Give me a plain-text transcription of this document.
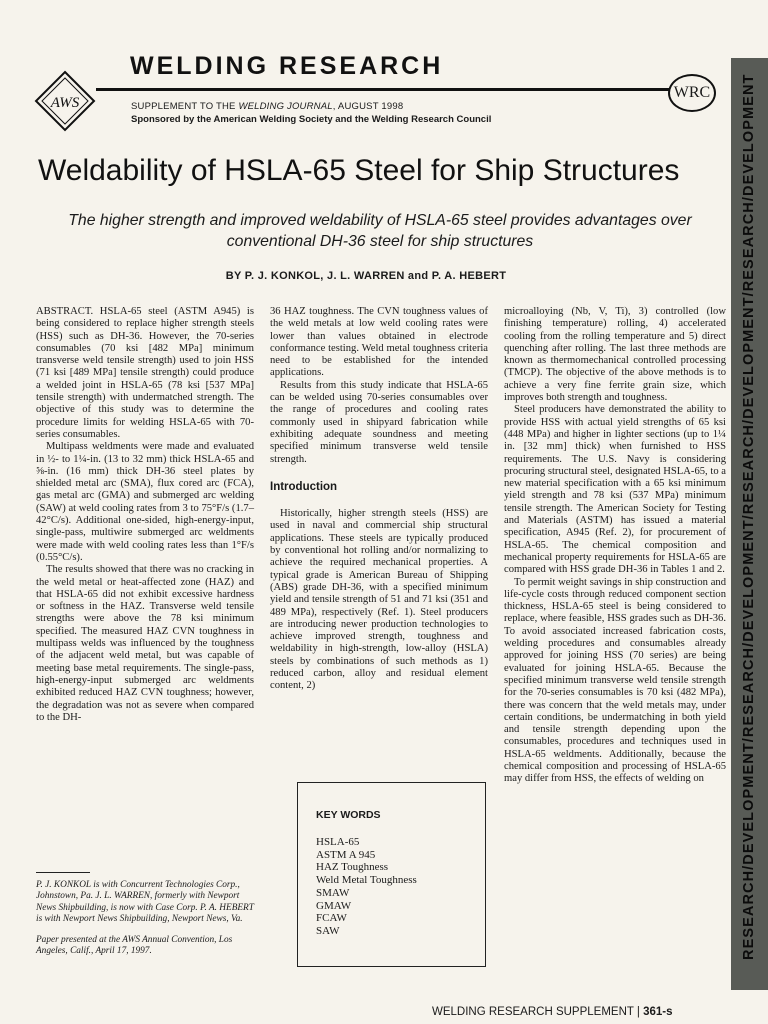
AWS
WELDING RESEARCH
WRC
SUPPLEMENT TO THE WELDING JOURNAL, AUGUST 1998
Sponsored by the American Welding Society and the Welding Research Council	RESEARCH/DEVELOPMENT/RESEARCH/DEVELOPMENT/RESEARCH/DEVELOPMENT/RESEARCH/DEVELOPMENT
Weldability of HSLA-65 Steel for Ship Structures
The higher strength and improved weldability of HSLA-65 steel provides advantages over conventional DH-36 steel for ship structures
BY P. J. KONKOL, J. L. WARREN and P. A. HEBERT

ABSTRACT. HSLA-65 steel (ASTM A945) is being considered to replace higher strength steels (HSS) such as DH-36. However, the 70-series consumables (70 ksi [482 MPa] minimum transverse weld tensile strength) used to join HSS (71 ksi [489 MPa] tensile strength) could produce a welded joint in HSLA-65 (78 ksi [537 MPa] tensile strength) with undermatched strength. The objective of this study was to determine the procedure limits for welding HSLA-65 with 70-series consumables.

Multipass weldments were made and evaluated in ½- to 1¼-in. (13 to 32 mm) thick HSLA-65 and ⅝-in. (16 mm) thick DH-36 steel plates by shielded metal arc (SMA), flux cored arc (FCA), gas metal arc (GMA) and submerged arc welding (SAW) at weld cooling rates from 3 to 75°F/s (1.7–42°C/s). Additional one-sided, high-energy-input, single-pass, multiwire submerged arc weldments were made with weld cooling rates less than 1°F/s (0.55°C/s).

The results showed that there was no cracking in the weld metal or heat-affected zone (HAZ) and that HSLA-65 did not exhibit excessive hardness or softness in the HAZ. Transverse weld tensile strengths were above the 78 ksi minimum specified. The measured HAZ CVN toughness in multipass welds was influenced by the toughness of the adjacent weld metal, but was capable of meeting base metal requirements. The single-pass, high-energy-input submerged arc weldments exhibited reduced HAZ CVN toughness; however, the degradation was not as severe when compared to the DH-

P. J. KONKOL is with Concurrent Technologies Corp., Johnstown, Pa. J. L. WARREN, formerly with Newport News Shipbuilding, is now with Case Corp. P. A. HEBERT is with Newport News Shipbuilding, Newport News, Va.

Paper presented at the AWS Annual Convention, Los Angeles, Calif., April 17, 1997.

36 HAZ toughness. The CVN toughness values of the weld metals at low weld cooling rates were lower than values obtained in electrode conformance testing. Weld metal toughness criteria need to be established for the intended applications.

Results from this study indicate that HSLA-65 can be welded using 70-series consumables over the range of procedures and cooling rates commonly used in shipyard fabrication while exhibiting adequate soundness and meeting specified minimum transverse weld tensile strength.

Introduction

Historically, higher strength steels (HSS) are used in naval and commercial ship structural applications. These steels are typically produced by conventional hot rolling and/or normalizing to achieve the required mechanical properties. A typical grade is American Bureau of Shipping (ABS) grade DH-36, with a specified minimum yield and tensile strength of 51 and 71 ksi (351 and 489 MPa), respectively (Ref. 1). Steel producers are introducing newer production technologies to achieve improved strength, toughness and weldability in high-strength, low-alloy (HSLA) steels by combinations of such methods as 1) reduced carbon, alloy and residual element content, 2)

KEY WORDS
HSLA-65
ASTM A 945
HAZ Toughness
Weld Metal Toughness
SMAW
GMAW
FCAW
SAW

microalloying (Nb, V, Ti), 3) controlled (low finishing temperature) rolling, 4) accelerated cooling from the rolling temperature and 5) direct quenching after rolling. The last three methods are known as thermomechanical controlled processing (TMCP). The objective of the above methods is to achieve a very fine ferrite grain size, which improves both strength and toughness.

Steel producers have demonstrated the ability to provide HSS with actual yield strengths of 65 ksi (448 MPa) and higher in lighter sections (up to 1¼ in. [32 mm] thick) when furnished to HSS requirements. The U.S. Navy is considering procuring structural steel, designated HSLA-65, to a new material specification with a 65 ksi minimum yield strength and 78 ksi (537 MPa) minimum tensile strength. The American Society for Testing and Materials (ASTM) has issued a material specification, A945 (Ref. 2), for procurement of HSLA-65. The chemical composition and mechanical property requirements for HSLA-65 are compared with HSS grade DH-36 in Tables 1 and 2.

To permit weight savings in ship construction and life-cycle costs through reduced component section thickness, HSLA-65 steel is being considered to replace, where feasible, HSS grades such as DH-36. To avoid associated increased fabrication costs, welding procedures and consumables already approved for joining HSS (70 series) are being evaluated for joining HSLA-65. Because the specified minimum transverse weld tensile strength for the 70-series consumables is 70 ksi (482 MPa), there was concern that the weld metals may, under certain conditions, be undermatching in both yield and tensile strength depending upon the consumables, procedures and techniques used in HSLA-65 weldments. Additionally, because the chemical composition and processing of HSLA-65 may differ from HSS, the effects of welding on

WELDING RESEARCH SUPPLEMENT | 361-s
